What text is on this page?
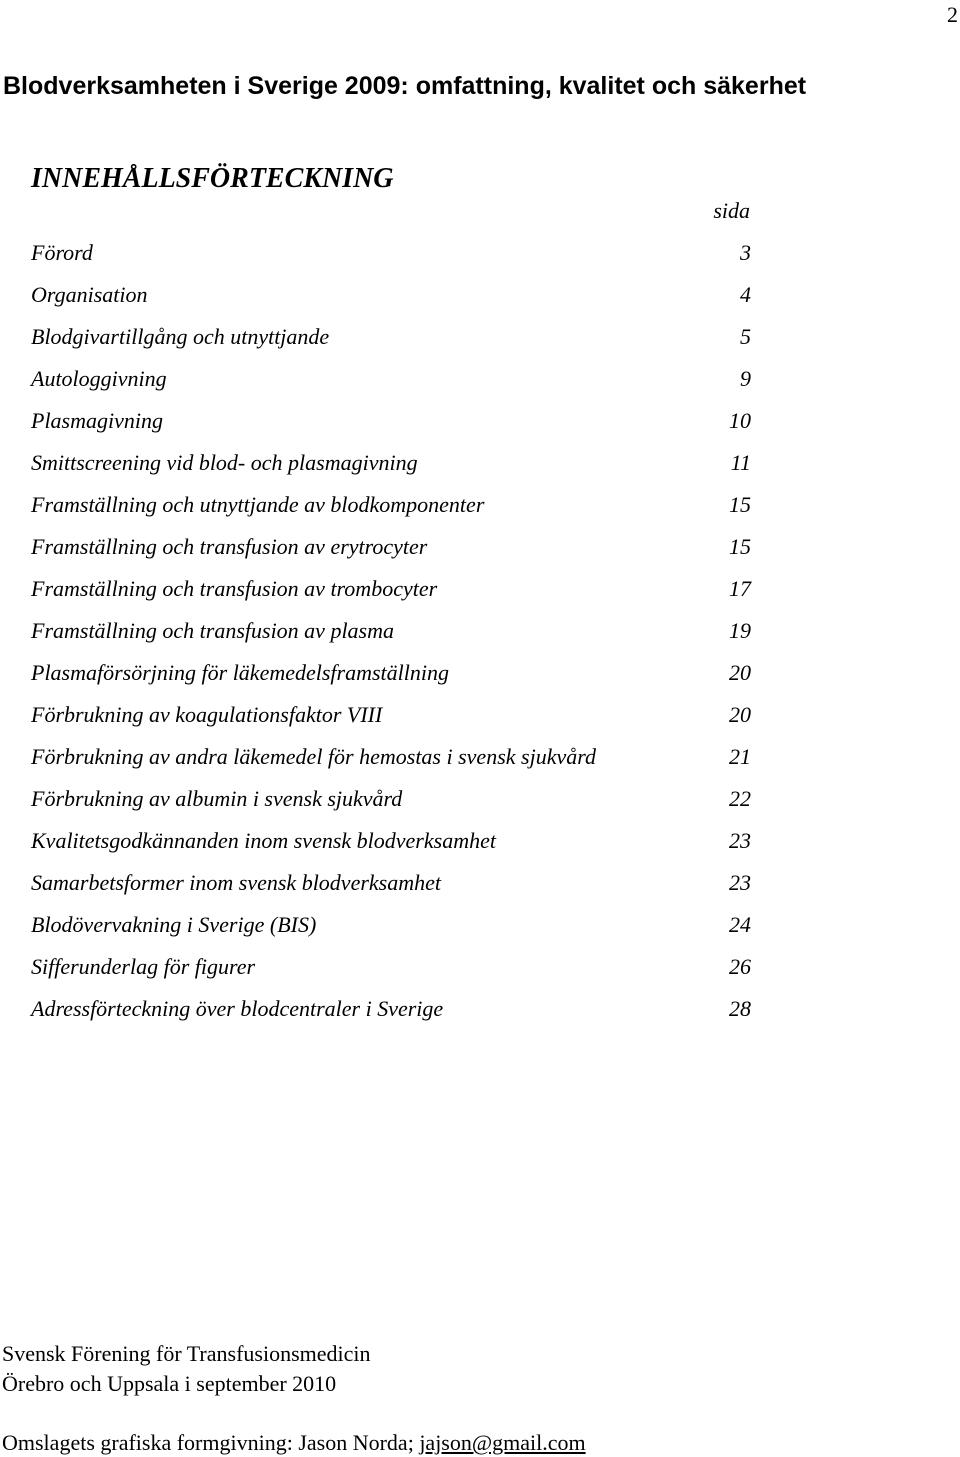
2
Blodverksamheten i Sverige 2009: omfattning, kvalitet och säkerhet
INNEHÅLLSFÖRTECKNING
sida
Förord	3
Organisation	4
Blodgivartillgång och utnyttjande	5
Autologgivning	9
Plasmagivning	10
Smittscreening vid blod- och plasmagivning	11
Framställning och utnyttjande av blodkomponenter	15
Framställning och transfusion av erytrocyter	15
Framställning och transfusion av trombocyter	17
Framställning och transfusion av plasma	19
Plasmaförsörjning för läkemedelsframställning	20
Förbrukning av koagulationsfaktor VIII	20
Förbrukning av andra läkemedel för hemostas i svensk sjukvård	21
Förbrukning av albumin i svensk sjukvård	22
Kvalitetsgodkännanden inom svensk blodverksamhet	23
Samarbetsformer inom svensk blodverksamhet	23
Blodövervakning i Sverige (BIS)	24
Sifferunderlag för figurer	26
Adressförteckning över blodcentraler i Sverige	28
Svensk Förening för Transfusionsmedicin
Örebro och Uppsala i september 2010
Omslagets grafiska formgivning: Jason Norda; jajson@gmail.com
